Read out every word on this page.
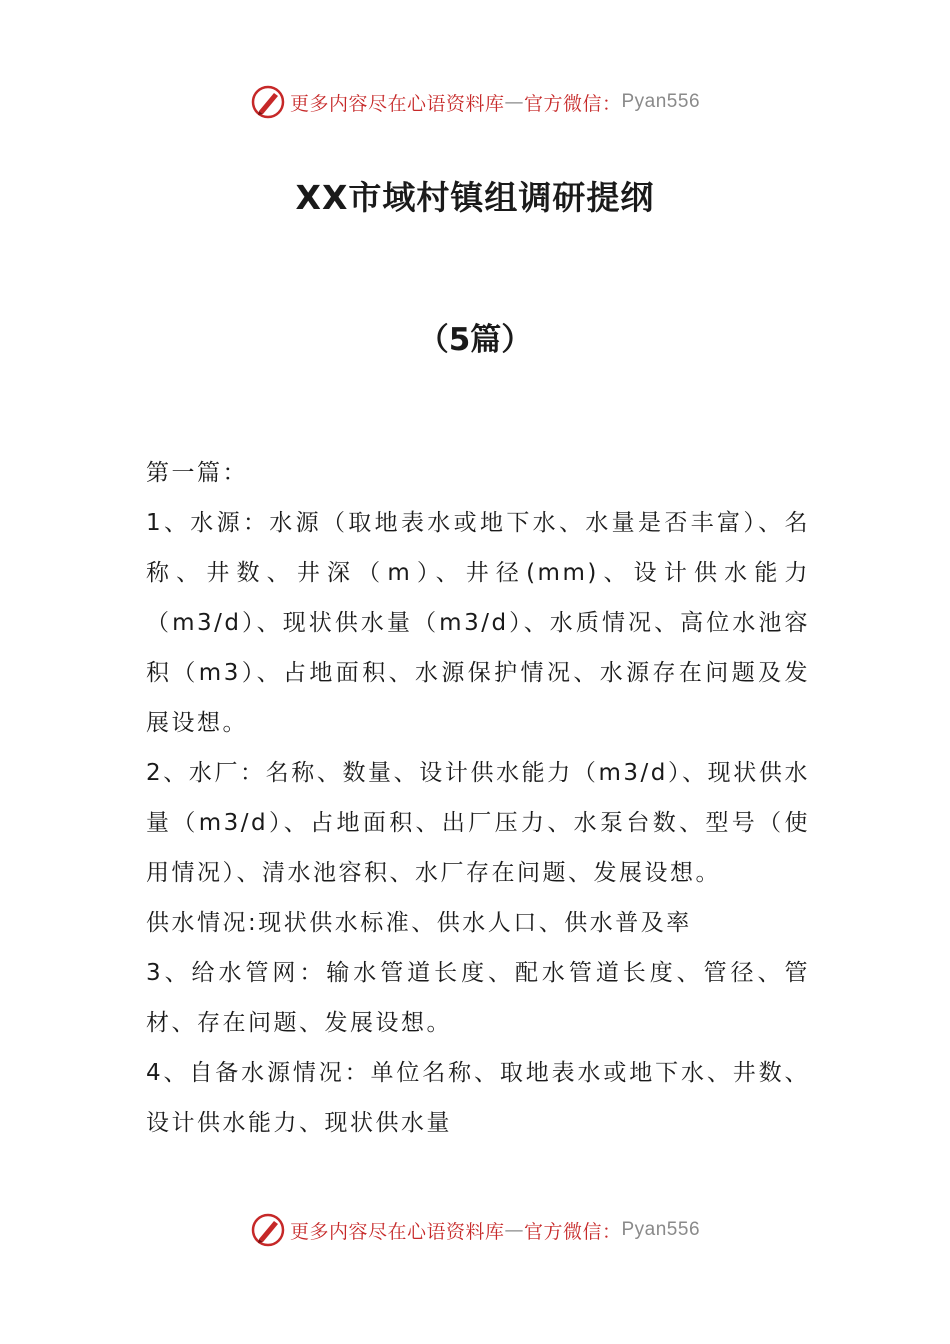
更多内容尽在心语资料库 — 官方微信： Pyan556
XX市域村镇组调研提纲
（5篇）

第一篇：

1、水源：水源（取地表水或地下水、水量是否丰富）、名称、井数、井深（m）、井径(mm)、设计供水能力（m3/d）、现状供水量（m3/d）、水质情况、高位水池容积（m3）、占地面积、水源保护情况、水源存在问题及发展设想。

2、水厂：名称、数量、设计供水能力（m3/d）、现状供水量（m3/d）、占地面积、出厂压力、水泵台数、型号（使用情况）、清水池容积、水厂存在问题、发展设想。

供水情况:现状供水标准、供水人口、供水普及率

3、给水管网：输水管道长度、配水管道长度、管径、管材、存在问题、发展设想。

4、自备水源情况：单位名称、取地表水或地下水、井数、设计供水能力、现状供水量

更多内容尽在心语资料库 — 官方微信： Pyan556
